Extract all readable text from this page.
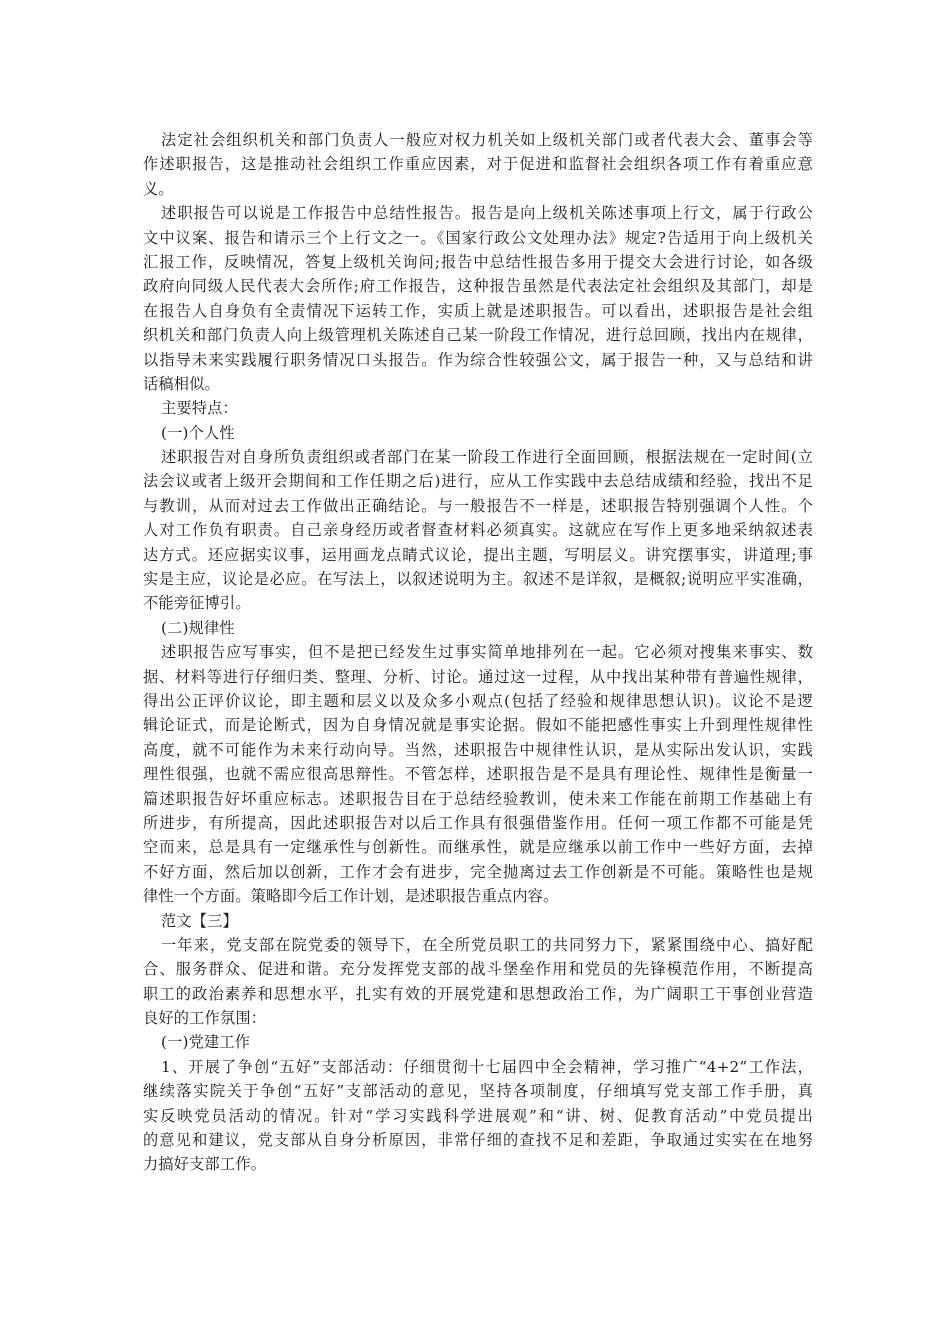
法定社会组织机关和部门负责人一般应对权力机关如上级机关部门或者代表大会、董事会等
作述职报告，这是推动社会组织工作重应因素，对于促进和监督社会组织各项工作有着重应意
义。
述职报告可以说是工作报告中总结性报告。报告是向上级机关陈述事项上行文，属于行政公
文中议案、报告和请示三个上行文之一。《国家行政公文处理办法》规定?告适用于向上级机关
汇报工作，反映情况，答复上级机关询问;报告中总结性报告多用于提交大会进行讨论，如各级
政府向同级人民代表大会所作;府工作报告，这种报告虽然是代表法定社会组织及其部门，却是
在报告人自身负有全责情况下运转工作，实质上就是述职报告。可以看出，述职报告是社会组
织机关和部门负责人向上级管理机关陈述自己某一阶段工作情况，进行总回顾，找出内在规律，
以指导未来实践履行职务情况口头报告。作为综合性较强公文，属于报告一种，又与总结和讲
话稿相似。
主要特点：
(一)个人性
述职报告对自身所负责组织或者部门在某一阶段工作进行全面回顾，根据法规在一定时间(立
法会议或者上级开会期间和工作任期之后)进行，应从工作实践中去总结成绩和经验，找出不足
与教训，从而对过去工作做出正确结论。与一般报告不一样是，述职报告特别强调个人性。个
人对工作负有职责。自己亲身经历或者督查材料必须真实。这就应在写作上更多地采纳叙述表
达方式。还应据实议事，运用画龙点睛式议论，提出主题，写明层义。讲究摆事实，讲道理;事
实是主应，议论是必应。在写法上，以叙述说明为主。叙述不是详叙，是概叙;说明应平实准确，
不能旁征博引。
(二)规律性
述职报告应写事实，但不是把已经发生过事实简单地排列在一起。它必须对搜集来事实、数
据、材料等进行仔细归类、整理、分析、讨论。通过这一过程，从中找出某种带有普遍性规律，
得出公正评价议论，即主题和层义以及众多小观点(包括了经验和规律思想认识)。议论不是逻
辑论证式，而是论断式，因为自身情况就是事实论据。假如不能把感性事实上升到理性规律性
高度，就不可能作为未来行动向导。当然，述职报告中规律性认识，是从实际出发认识，实践
理性很强，也就不需应很高思辩性。不管怎样，述职报告是不是具有理论性、规律性是衡量一
篇述职报告好坏重应标志。述职报告目在于总结经验教训，使未来工作能在前期工作基础上有
所进步，有所提高，因此述职报告对以后工作具有很强借鉴作用。任何一项工作都不可能是凭
空而来，总是具有一定继承性与创新性。而继承性，就是应继承以前工作中一些好方面，去掉
不好方面，然后加以创新，工作才会有进步，完全抛离过去工作创新是不可能。策略性也是规
律性一个方面。策略即今后工作计划，是述职报告重点内容。
范文【三】
一年来，党支部在院党委的领导下，在全所党员职工的共同努力下，紧紧围绕中心、搞好配
合、服务群众、促进和谐。充分发挥党支部的战斗堡垒作用和党员的先锋模范作用，不断提高
职工的政治素养和思想水平，扎实有效的开展党建和思想政治工作，为广阔职工干事创业营造
良好的工作氛围：
(一)党建工作
1、开展了争创“五好”支部活动：仔细贯彻十七届四中全会精神，学习推广“4+2”工作法，
继续落实院关于争创“五好”支部活动的意见，坚持各项制度，仔细填写党支部工作手册，真
实反映党员活动的情况。针对“学习实践科学进展观”和“讲、树、促教育活动”中党员提出
的意见和建议，党支部从自身分析原因，非常仔细的查找不足和差距，争取通过实实在在地努
力搞好支部工作。
